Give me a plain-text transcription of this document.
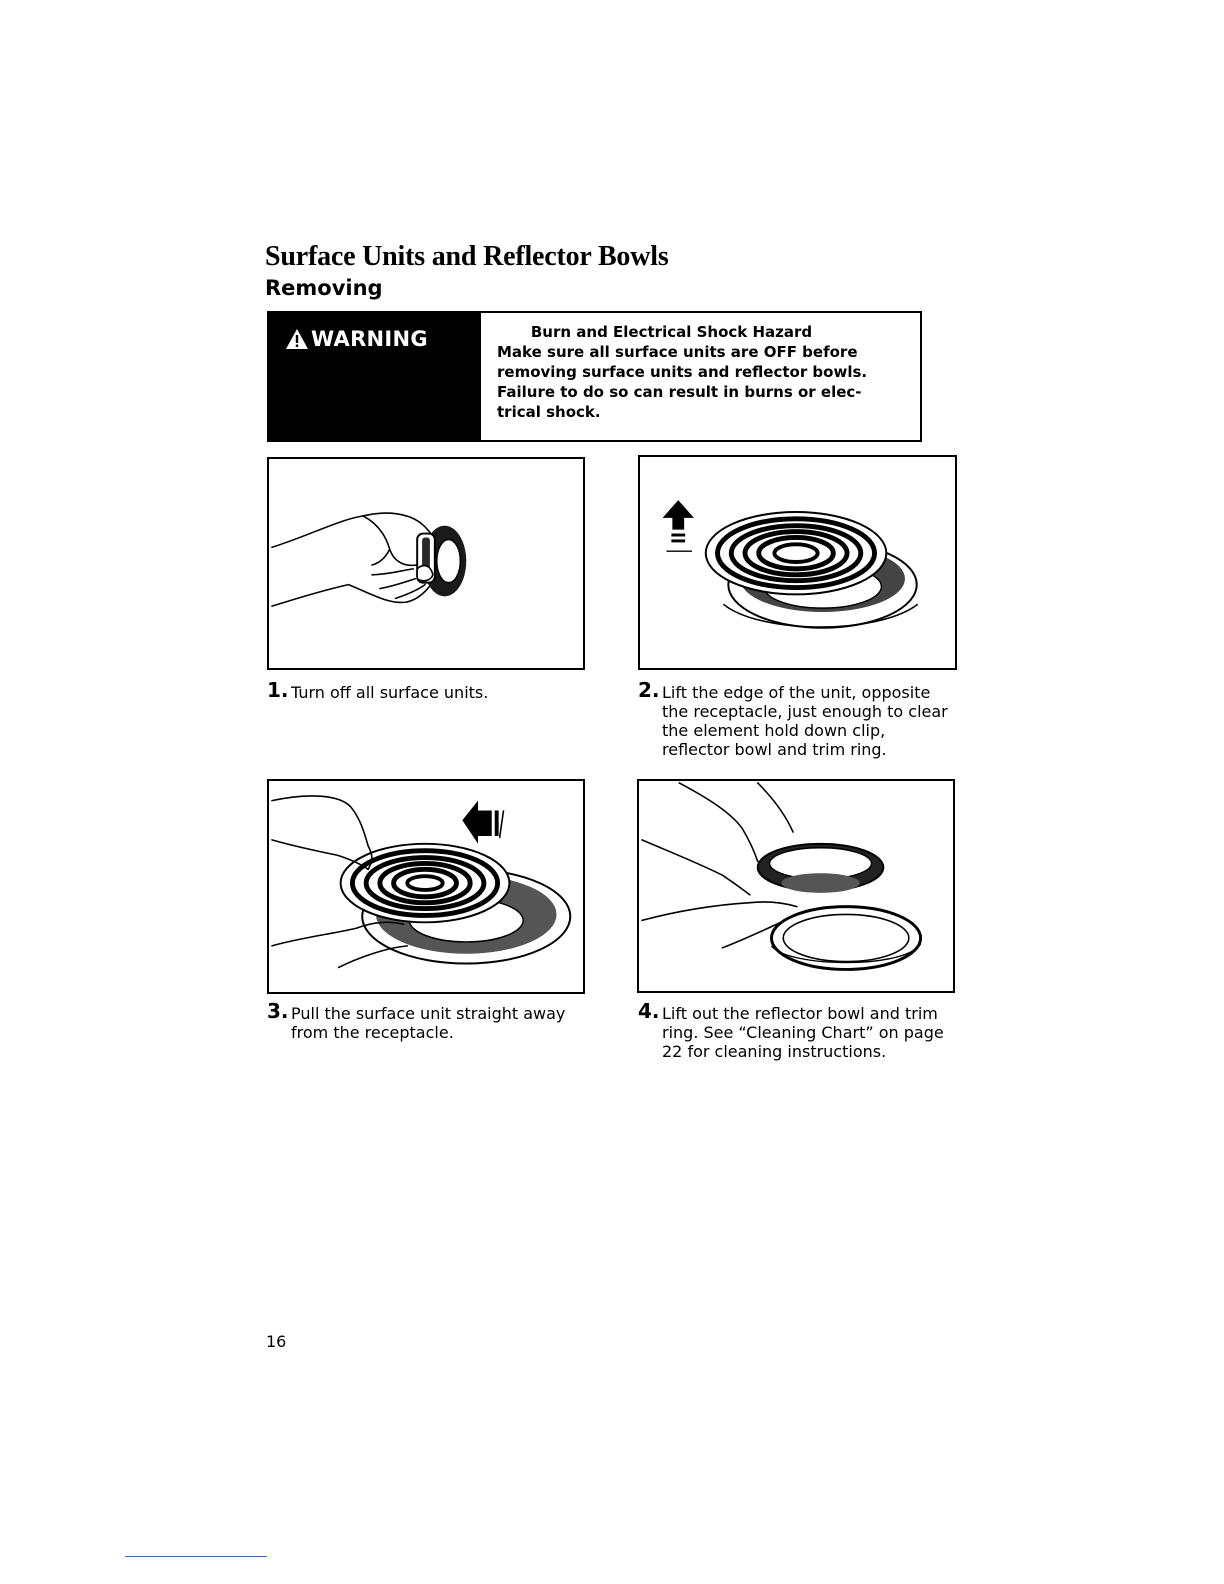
Surface Units and Reflector Bowls
Removing
WARNING	Burn and Electrical Shock Hazard
Make sure all surface units are OFF before
removing surface units and reflector bowls.
Failure to do so can result in burns or elec-
trical shock.
1. Turn off all surface units.	2. Lift the edge of the unit, opposite the receptacle, just enough to clear the element hold down clip, reflector bowl and trim ring.
3. Pull the surface unit straight away from the receptacle.
4. Lift out the reflector bowl and trim ring. See “Cleaning Chart” on page 22 for cleaning instructions.
16
